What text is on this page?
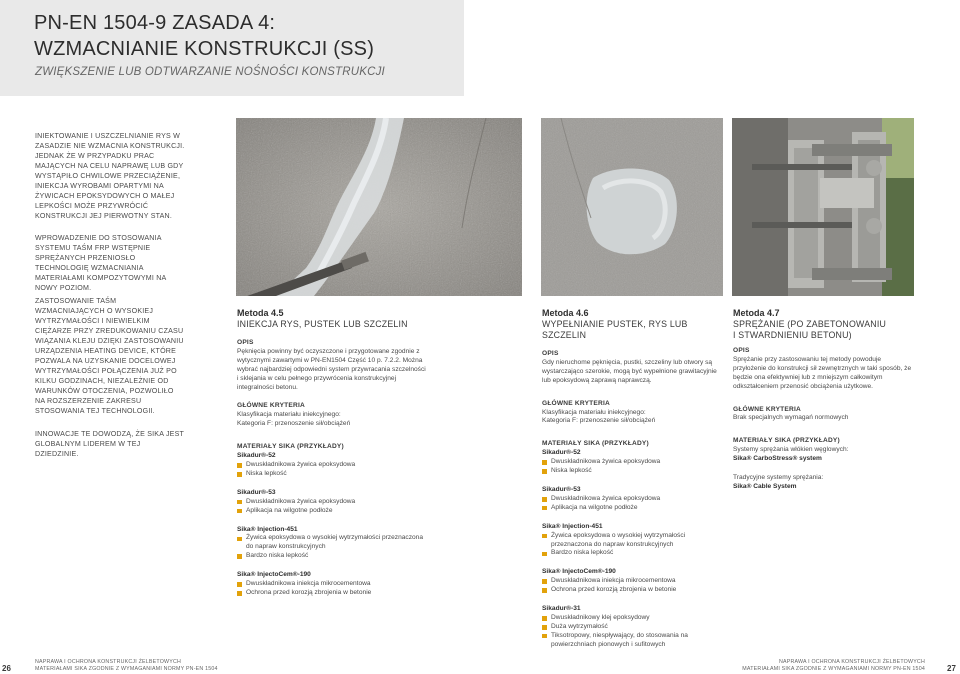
PN-EN 1504-9 ZASADA 4:
WZMACNIANIE KONSTRUKCJI (SS)
ZWIĘKSZENIE LUB ODTWARZANIE NOŚNOŚCI KONSTRUKCJI
INIEKTOWANIE I USZCZELNIANIE RYS W ZASADZIE NIE WZMACNIA KONSTRUKCJI. JEDNAK ŻE W PRZYPADKU PRAC MAJĄCYCH NA CELU NAPRAWĘ LUB GDY WYSTĄPIŁO CHWILOWE PRZECIĄŻENIE, INIEKCJA WYROBAMI OPARTYMI NA ŻYWICACH EPOKSYDOWYCH O MAŁEJ LEPKOŚCI MOŻE PRZYWRÓCIĆ KONSTRUKCJI JEJ PIERWOTNY STAN.
WPROWADZENIE DO STOSOWANIA SYSTEMU TAŚM FRP WSTĘPNIE SPRĘŻANYCH PRZENIOSŁO TECHNOLOGIĘ WZMACNIANIA MATERIAŁAMI KOMPOZYTOWYMI NA NOWY POZIOM.
ZASTOSOWANIE TAŚM WZMACNIAJĄCYCH O WYSOKIEJ WYTRZYMAŁOŚCI I NIEWIELKIM CIĘŻARZE PRZY ZREDUKOWANIU CZASU WIĄZANIA KLEJU DZIĘKI ZASTOSOWANIU URZĄDZENIA HEATING DEVICE, KTÓRE POZWALA NA UZYSKANIE DOCELOWEJ WYTRZYMAŁOŚCI POŁĄCZENIA JUŻ PO KILKU GODZINACH, NIEZALEŻNIE OD WARUNKÓW OTOCZENIA, POZWOLIŁO NA ROZSZERZENIE ZAKRESU STOSOWANIA TEJ TECHNOLOGII.
INNOWACJE TE DOWODZĄ, ŻE SIKA JEST GLOBALNYM LIDEREM W TEJ DZIEDZINIE.
Metoda 4.5
INIEKCJA RYS, PUSTEK LUB SZCZELIN
OPIS
Pęknięcia powinny być oczyszczone i przygotowane zgodnie z wytycznymi zawartymi w PN-EN1504 Część 10 p. 7.2.2. Można wybrać najbardziej odpowiedni system przywracania szczelności i sklejania w celu pełnego przywrócenia konstrukcyjnej integralności betonu.
GŁÓWNE KRYTERIA
Klasyfikacja materiału iniekcyjnego:
Kategoria F: przenoszenie sił/obciążeń
MATERIAŁY SIKA (PRZYKŁADY)
Sikadur®-52
Dwuskładnikowa żywica epoksydowa
Niska lepkość
Sikadur®-53
Dwuskładnikowa żywica epoksydowa
Aplikacja na wilgotne podłoże
Sika® Injection-451
Żywica epoksydowa o wysokiej wytrzymałości przeznaczona do napraw konstrukcyjnych
Bardzo niska lepkość
Sika® InjectoCem®-190
Dwuskładnikowa iniekcja mikrocementowa
Ochrona przed korozją zbrojenia w betonie
Metoda 4.6
WYPEŁNIANIE PUSTEK, RYS LUB SZCZELIN
OPIS
Gdy nieruchome pęknięcia, pustki, szczeliny lub otwory są wystarczająco szerokie, mogą być wypełnione grawitacyjnie lub epoksydową zaprawą naprawczą.
GŁÓWNE KRYTERIA
Klasyfikacja materiału iniekcyjnego:
Kategoria F: przenoszenie sił/obciążeń
MATERIAŁY SIKA (PRZYKŁADY)
Sikadur®-52
Dwuskładnikowa żywica epoksydowa
Niska lepkość
Sikadur®-53
Dwuskładnikowa żywica epoksydowa
Aplikacja na wilgotne podłoże
Sika® Injection-451
Żywica epoksydowa o wysokiej wytrzymałości przeznaczona do napraw konstrukcyjnych
Bardzo niska lepkość
Sika® InjectoCem®-190
Dwuskładnikowa iniekcja mikrocementowa
Ochrona przed korozją zbrojenia w betonie
Sikadur®-31
Dwuskładnikowy klej epoksydowy
Duża wytrzymałość
Tiksotropowy, niespływający, do stosowania na powierzchniach pionowych i sufitowych
Metoda 4.7
SPRĘŻANIE (PO ZABETONOWANIU
I STWARDNIENIU BETONU)
OPIS
Sprężanie przy zastosowaniu tej metody powoduje przyłożenie do konstrukcji sił zewnętrznych w taki sposób, że będzie ona efektywniej lub z mniejszym całkowitym odkształceniem przenosić obciążenia użytkowe.
GŁÓWNE KRYTERIA
Brak specjalnych wymagań normowych
MATERIAŁY SIKA (PRZYKŁADY)
Systemy sprężania włókien węglowych:
Sika® CarboStress® system
Tradycyjne systemy sprężania:
Sika® Cable System
26
NAPRAWA I OCHRONA KONSTRUKCJI ŻELBETOWYCH
MATERIAŁAMI SIKA ZGODNIE Z WYMAGANIAMI NORMY PN-EN 1504
NAPRAWA I OCHRONA KONSTRUKCJI ŻELBETOWYCH
MATERIAŁAMI SIKA ZGODNIE Z WYMAGANIAMI NORMY PN-EN 1504	27
